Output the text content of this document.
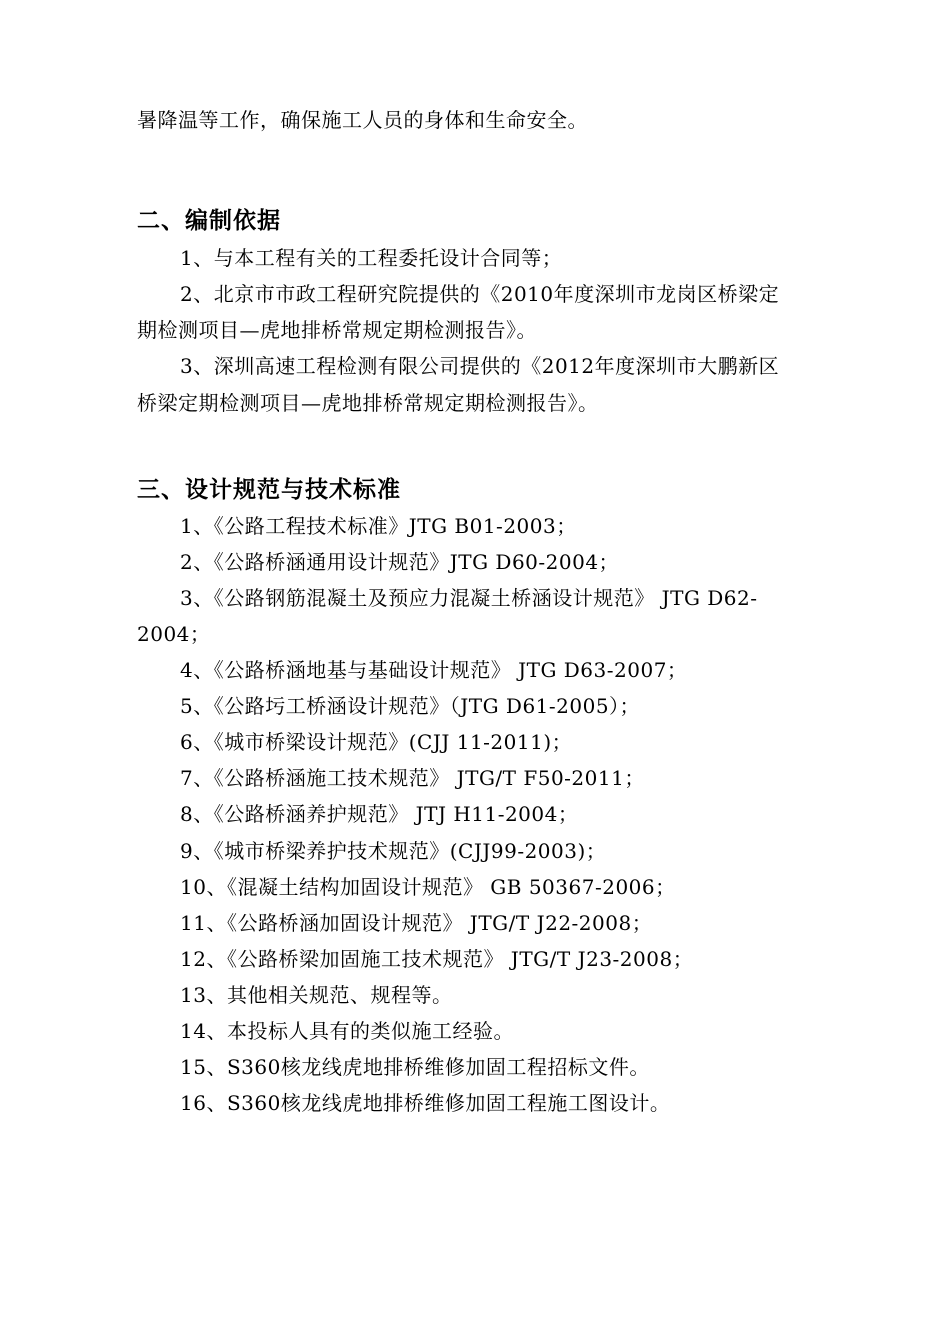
暑降温等工作，确保施工人员的身体和生命安全。
二、编制依据
1、与本工程有关的工程委托设计合同等；
2、北京市市政工程研究院提供的《2010年度深圳市龙岗区桥梁定
期检测项目—虎地排桥常规定期检测报告》。
3、深圳高速工程检测有限公司提供的《2012年度深圳市大鹏新区
桥梁定期检测项目—虎地排桥常规定期检测报告》。
三、设计规范与技术标准
1、《公路工程技术标准》JTG B01-2003；
2、《公路桥涵通用设计规范》JTG D60-2004；
3、《公路钢筋混凝土及预应力混凝土桥涵设计规范》 JTG D62-
2004；
4、《公路桥涵地基与基础设计规范》 JTG D63-2007；
5、《公路圬工桥涵设计规范》（JTG D61-2005）；
6、《城市桥梁设计规范》(CJJ 11-2011)；
7、《公路桥涵施工技术规范》 JTG/T F50-2011；
8、《公路桥涵养护规范》 JTJ H11-2004；
9、《城市桥梁养护技术规范》(CJJ99-2003)；
10、《混凝土结构加固设计规范》 GB 50367-2006；
11、《公路桥涵加固设计规范》 JTG/T J22-2008；
12、《公路桥梁加固施工技术规范》 JTG/T J23-2008；
13、其他相关规范、规程等。
14、本投标人具有的类似施工经验。
15、S360核龙线虎地排桥维修加固工程招标文件。
16、S360核龙线虎地排桥维修加固工程施工图设计。
